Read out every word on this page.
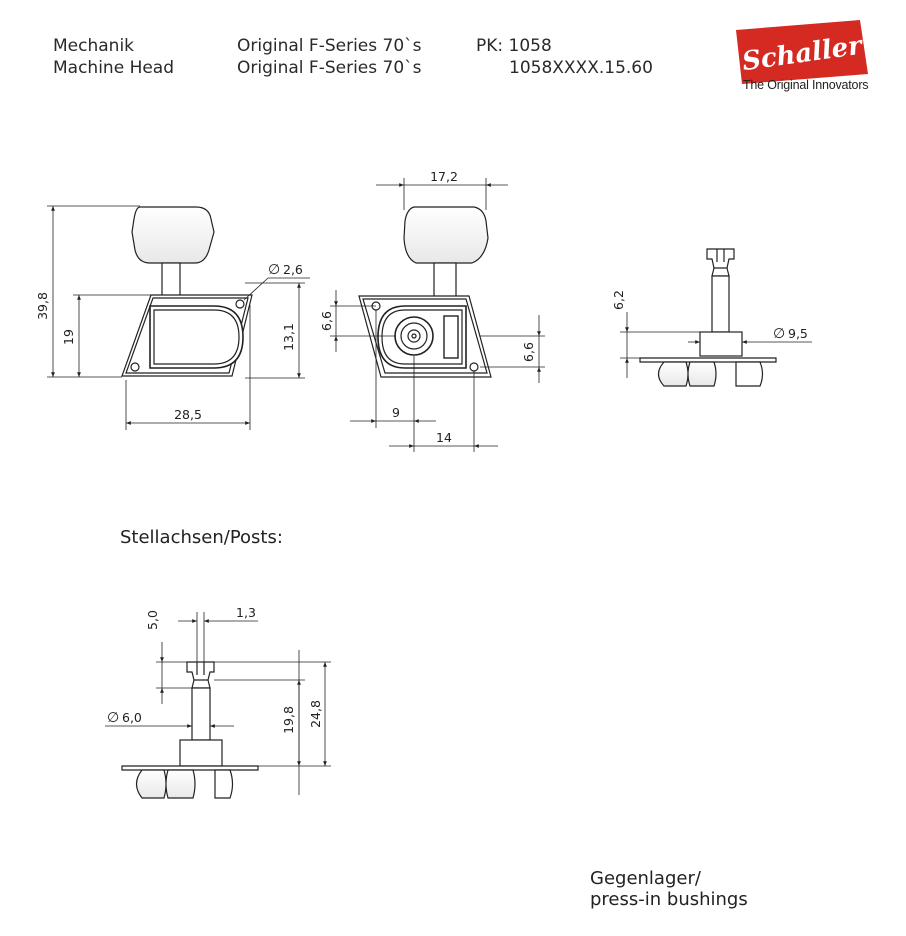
Mechanik
Machine Head
Original F-Series 70`s
Original F-Series 70`s
PK: 1058
1058XXXX.15.60	Schaller
The Original Innovators
Stellachsen/Posts:
Gegenlager/
press-in bushings
39,8
19
28,5
∅ 2,6
13,1
17,2
6,6
6,6
9
14
6,2
∅ 9,5
5,0	1,3
∅ 6,0	19,8 24,8
